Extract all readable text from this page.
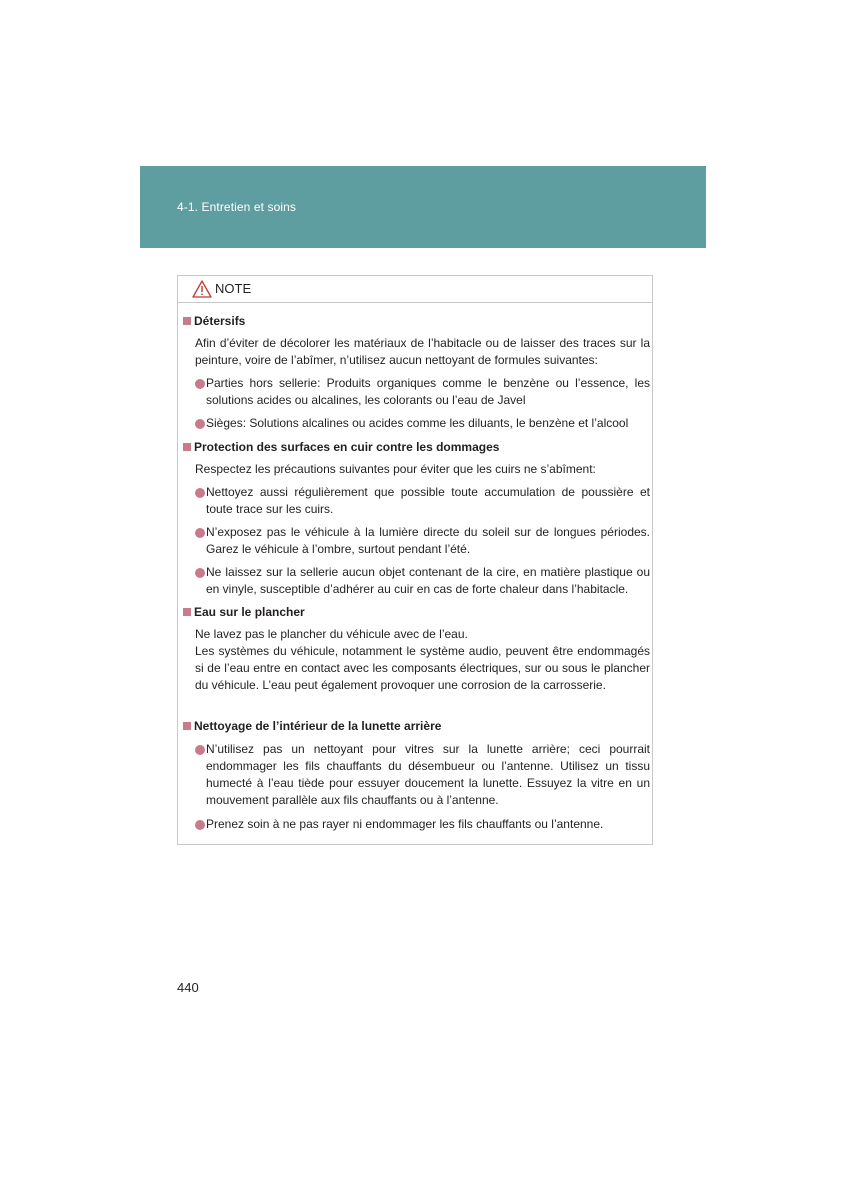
4-1. Entretien et soins
NOTE
Détersifs
Afin d’éviter de décolorer les matériaux de l’habitacle ou de laisser des traces sur la peinture, voire de l’abîmer, n’utilisez aucun nettoyant de formules suivantes:
Parties hors sellerie: Produits organiques comme le benzène ou l’essence, les solutions acides ou alcalines, les colorants ou l’eau de Javel
Sièges: Solutions alcalines ou acides comme les diluants, le benzène et l’alcool
Protection des surfaces en cuir contre les dommages
Respectez les précautions suivantes pour éviter que les cuirs ne s’abîment:
Nettoyez aussi régulièrement que possible toute accumulation de poussière et toute trace sur les cuirs.
N’exposez pas le véhicule à la lumière directe du soleil sur de longues périodes. Garez le véhicule à l’ombre, surtout pendant l’été.
Ne laissez sur la sellerie aucun objet contenant de la cire, en matière plastique ou en vinyle, susceptible d’adhérer au cuir en cas de forte chaleur dans l’habitacle.
Eau sur le plancher
Ne lavez pas le plancher du véhicule avec de l’eau.
Les systèmes du véhicule, notamment le système audio, peuvent être endommagés si de l’eau entre en contact avec les composants électriques, sur ou sous le plancher du véhicule. L’eau peut également provoquer une corrosion de la carrosserie.
Nettoyage de l’intérieur de la lunette arrière
N’utilisez pas un nettoyant pour vitres sur la lunette arrière; ceci pourrait endommager les fils chauffants du désembueur ou l’antenne. Utilisez un tissu humecté à l’eau tiède pour essuyer doucement la lunette. Essuyez la vitre en un mouvement parallèle aux fils chauffants ou à l’antenne.
Prenez soin à ne pas rayer ni endommager les fils chauffants ou l’antenne.
440
